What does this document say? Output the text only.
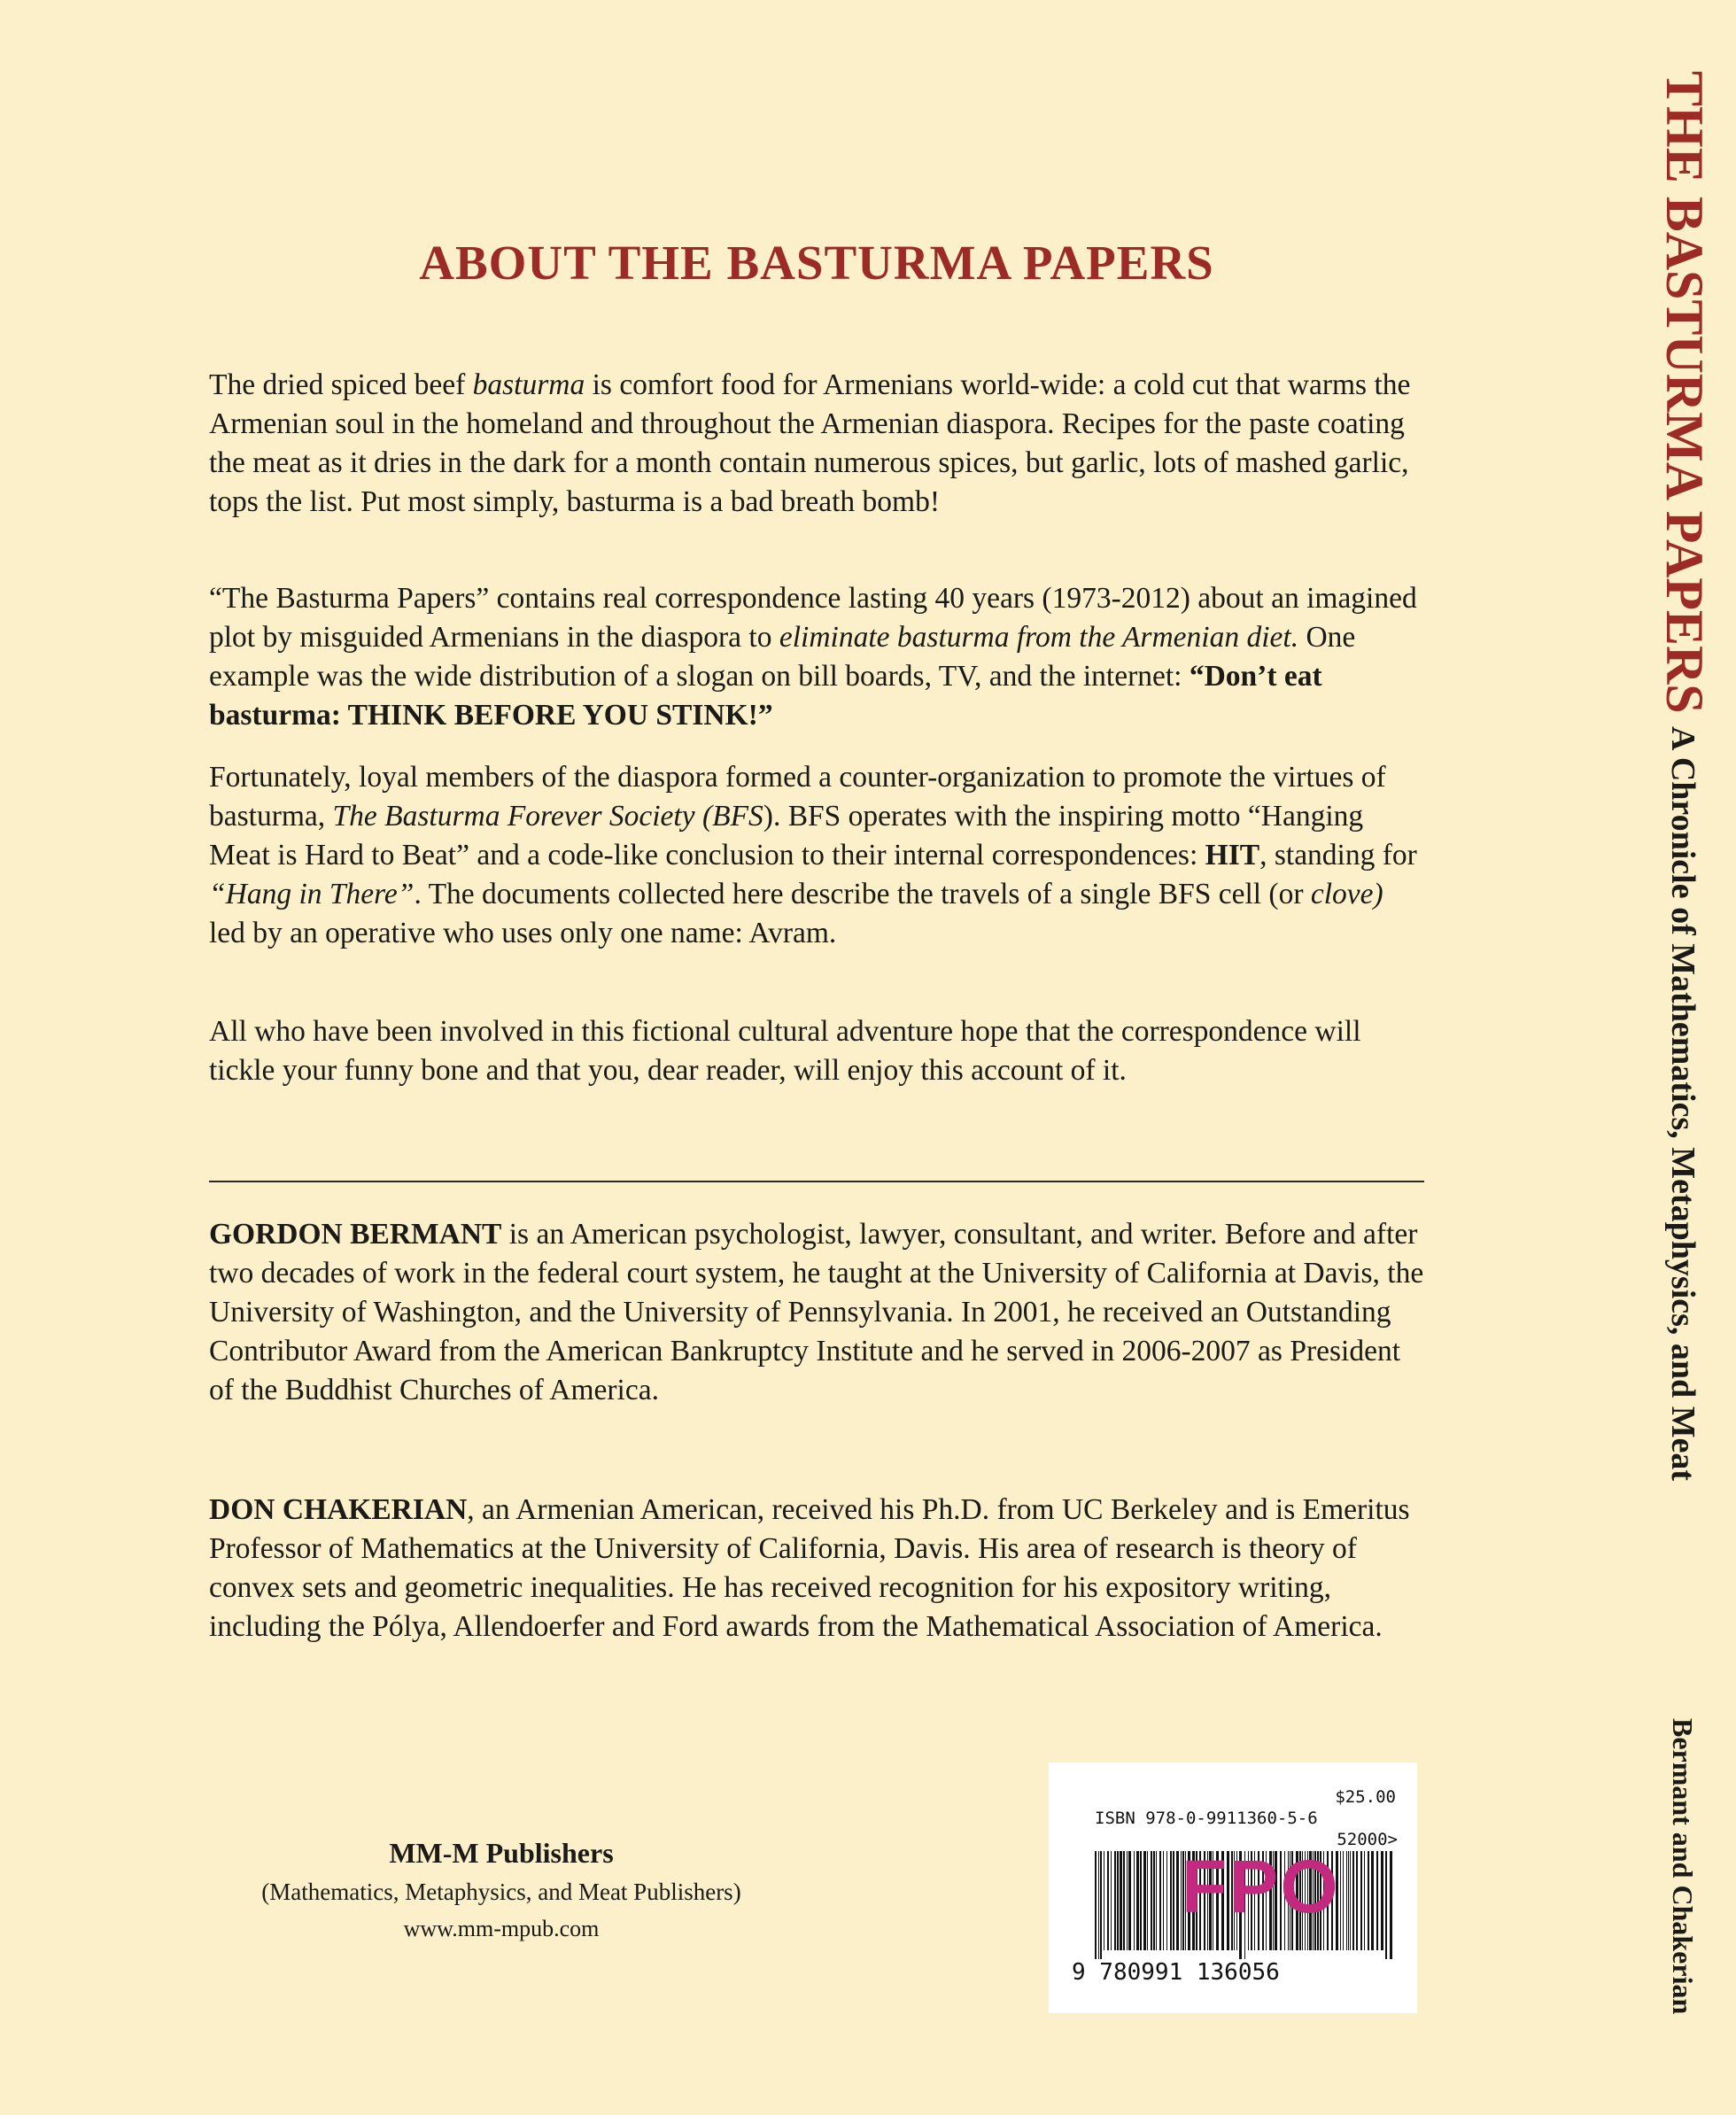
ABOUT THE BASTURMA PAPERS

The dried spiced beef basturma is comfort food for Armenians world-wide: a cold cut that warms the Armenian soul in the homeland and throughout the Armenian diaspora. Recipes for the paste coating the meat as it dries in the dark for a month contain numerous spices, but garlic, lots of mashed garlic, tops the list. Put most simply, basturma is a bad breath bomb!

“The Basturma Papers” contains real correspondence lasting 40 years (1973-2012) about an imagined plot by misguided Armenians in the diaspora to eliminate basturma from the Armenian diet. One example was the wide distribution of a slogan on bill boards, TV, and the internet: “Don’t eat basturma: THINK BEFORE YOU STINK!”

Fortunately, loyal members of the diaspora formed a counter-organization to promote the virtues of basturma, The Basturma Forever Society (BFS). BFS operates with the inspiring motto “Hanging Meat is Hard to Beat” and a code-like conclusion to their internal correspondences: HIT, standing for “Hang in There”. The documents collected here describe the travels of a single BFS cell (or clove) led by an operative who uses only one name: Avram.

All who have been involved in this fictional cultural adventure hope that the correspondence will tickle your funny bone and that you, dear reader, will enjoy this account of it.

GORDON BERMANT is an American psychologist, lawyer, consultant, and writer. Before and after two decades of work in the federal court system, he taught at the University of California at Davis, the University of Washington, and the University of Pennsylvania. In 2001, he received an Outstanding Contributor Award from the American Bankruptcy Institute and he served in 2006-2007 as President of the Buddhist Churches of America.

DON CHAKERIAN, an Armenian American, received his Ph.D. from UC Berkeley and is Emeritus Professor of Mathematics at the University of California, Davis. His area of research is theory of convex sets and geometric inequalities. He has received recognition for his expository writing, including the Pólya, Allendoerfer and Ford awards from the Mathematical Association of America.

MM-M Publishers
(Mathematics, Metaphysics, and Meat Publishers)
www.mm-mpub.com
$25.00
ISBN 978-0-9911360-5-6
52000>
FPO
9 780991 136056
THE BASTURMA PAPERS
A Chronicle of Mathematics, Metaphysics, and Meat
Bermant and Chakerian
